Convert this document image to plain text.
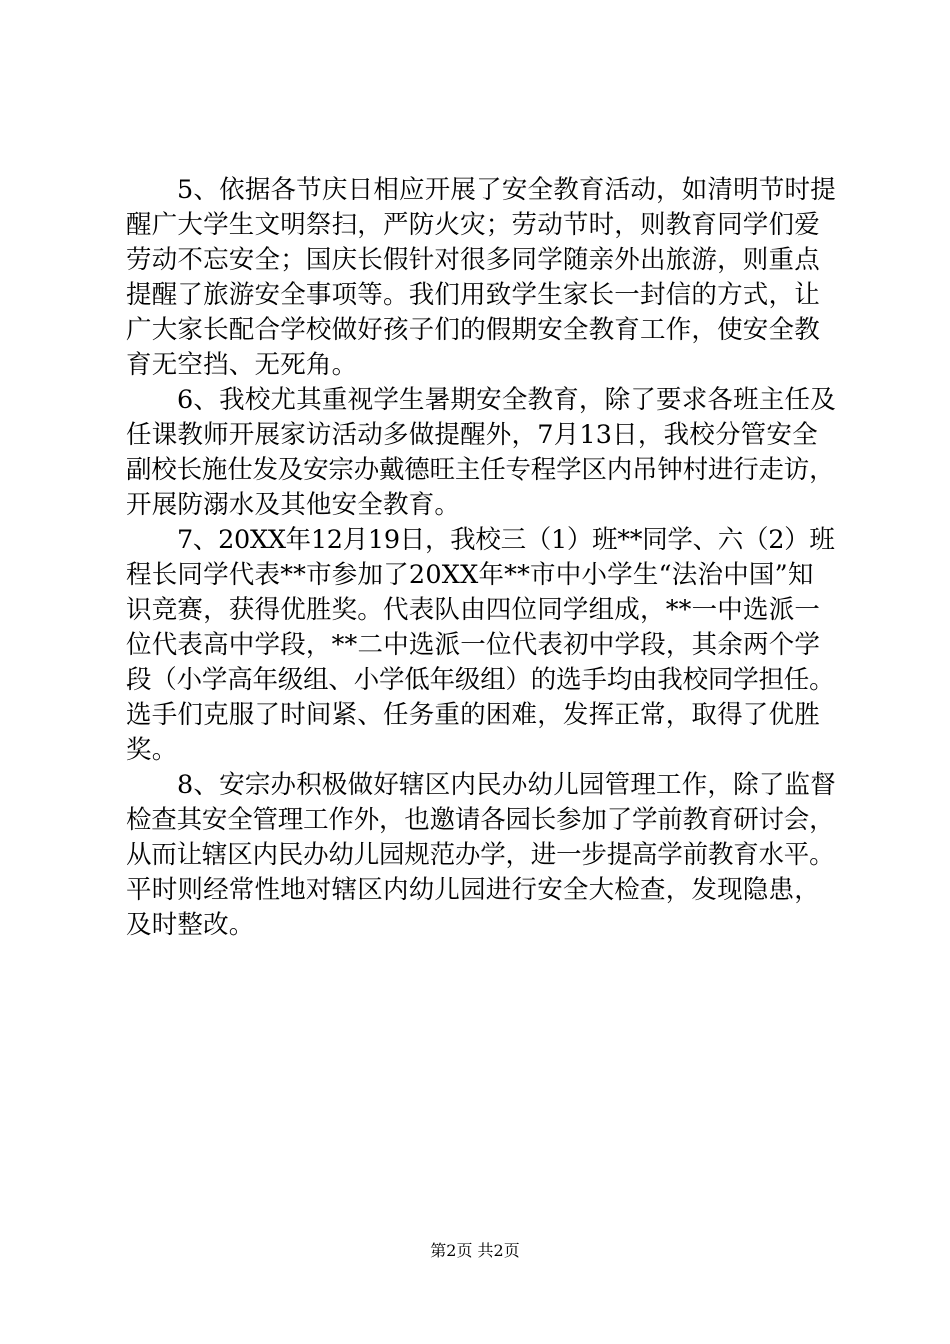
5、依据各节庆日相应开展了安全教育活动，如清明节时提
醒广大学生文明祭扫，严防火灾；劳动节时，则教育同学们爱
劳动不忘安全；国庆长假针对很多同学随亲外出旅游，则重点
提醒了旅游安全事项等。我们用致学生家长一封信的方式，让
广大家长配合学校做好孩子们的假期安全教育工作，使安全教
育无空挡、无死角。

6、我校尤其重视学生暑期安全教育，除了要求各班主任及
任课教师开展家访活动多做提醒外，7月13日，我校分管安全
副校长施仕发及安宗办戴德旺主任专程学区内吊钟村进行走访，
开展防溺水及其他安全教育。

7、20XX年12月19日，我校三（1）班**同学、六（2）班
程长同学代表**市参加了20XX年**市中小学生“法治中国”知
识竞赛，获得优胜奖。代表队由四位同学组成，**一中选派一
位代表高中学段，**二中选派一位代表初中学段，其余两个学
段（小学高年级组、小学低年级组）的选手均由我校同学担任。
选手们克服了时间紧、任务重的困难，发挥正常，取得了优胜
奖。

8、安宗办积极做好辖区内民办幼儿园管理工作，除了监督
检查其安全管理工作外，也邀请各园长参加了学前教育研讨会，
从而让辖区内民办幼儿园规范办学，进一步提高学前教育水平。
平时则经常性地对辖区内幼儿园进行安全大检查，发现隐患，
及时整改。

第2页 共2页
